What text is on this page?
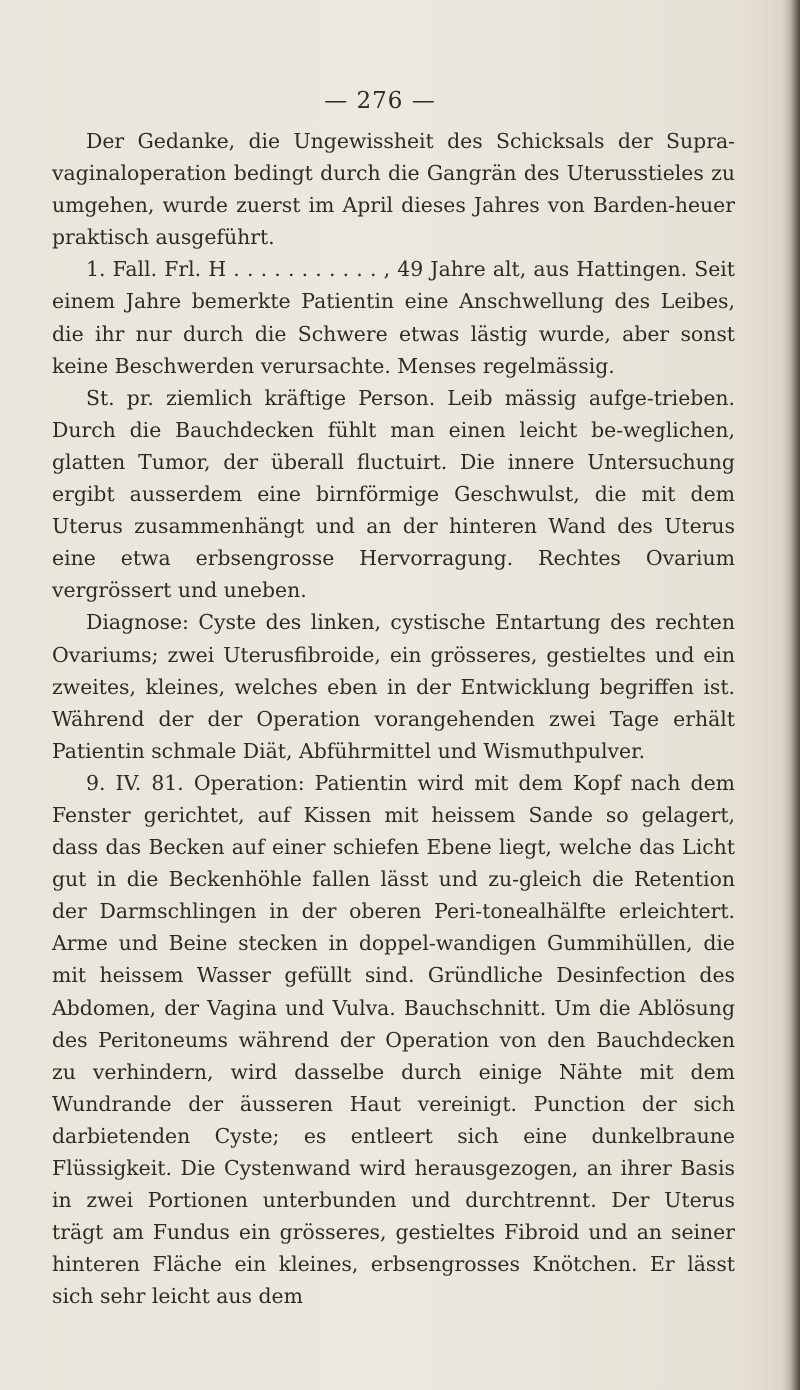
— 276 —

Der Gedanke, die Ungewissheit des Schicksals der Supra-vaginaloperation bedingt durch die Gangrän des Uterusstieles zu umgehen, wurde zuerst im April dieses Jahres von Barden-heuer praktisch ausgeführt.

1. Fall. Frl. H . . . . . . . . . . . , 49 Jahre alt, aus Hattingen. Seit einem Jahre bemerkte Patientin eine Anschwellung des Leibes, die ihr nur durch die Schwere etwas lästig wurde, aber sonst keine Beschwerden verursachte. Menses regelmässig.

St. pr. ziemlich kräftige Person. Leib mässig aufge-trieben. Durch die Bauchdecken fühlt man einen leicht be-weglichen, glatten Tumor, der überall fluctuirt. Die innere Untersuchung ergibt ausserdem eine birnförmige Geschwulst, die mit dem Uterus zusammenhängt und an der hinteren Wand des Uterus eine etwa erbsengrosse Hervorragung. Rechtes Ovarium vergrössert und uneben.

Diagnose: Cyste des linken, cystische Entartung des rechten Ovariums; zwei Uterusfibroide, ein grösseres, gestieltes und ein zweites, kleines, welches eben in der Entwicklung begriffen ist. Während der der Operation vorangehenden zwei Tage erhält Patientin schmale Diät, Abführmittel und Wismuthpulver.

9. IV. 81. Operation: Patientin wird mit dem Kopf nach dem Fenster gerichtet, auf Kissen mit heissem Sande so gelagert, dass das Becken auf einer schiefen Ebene liegt, welche das Licht gut in die Beckenhöhle fallen lässt und zu-gleich die Retention der Darmschlingen in der oberen Peri-tonealhälfte erleichtert. Arme und Beine stecken in doppel-wandigen Gummihüllen, die mit heissem Wasser gefüllt sind. Gründliche Desinfection des Abdomen, der Vagina und Vulva. Bauchschnitt. Um die Ablösung des Peritoneums während der Operation von den Bauchdecken zu verhindern, wird dasselbe durch einige Nähte mit dem Wundrande der äusseren Haut vereinigt. Punction der sich darbietenden Cyste; es entleert sich eine dunkelbraune Flüssigkeit. Die Cystenwand wird herausgezogen, an ihrer Basis in zwei Portionen unterbunden und durchtrennt. Der Uterus trägt am Fundus ein grösseres, gestieltes Fibroid und an seiner hinteren Fläche ein kleines, erbsengrosses Knötchen. Er lässt sich sehr leicht aus dem
